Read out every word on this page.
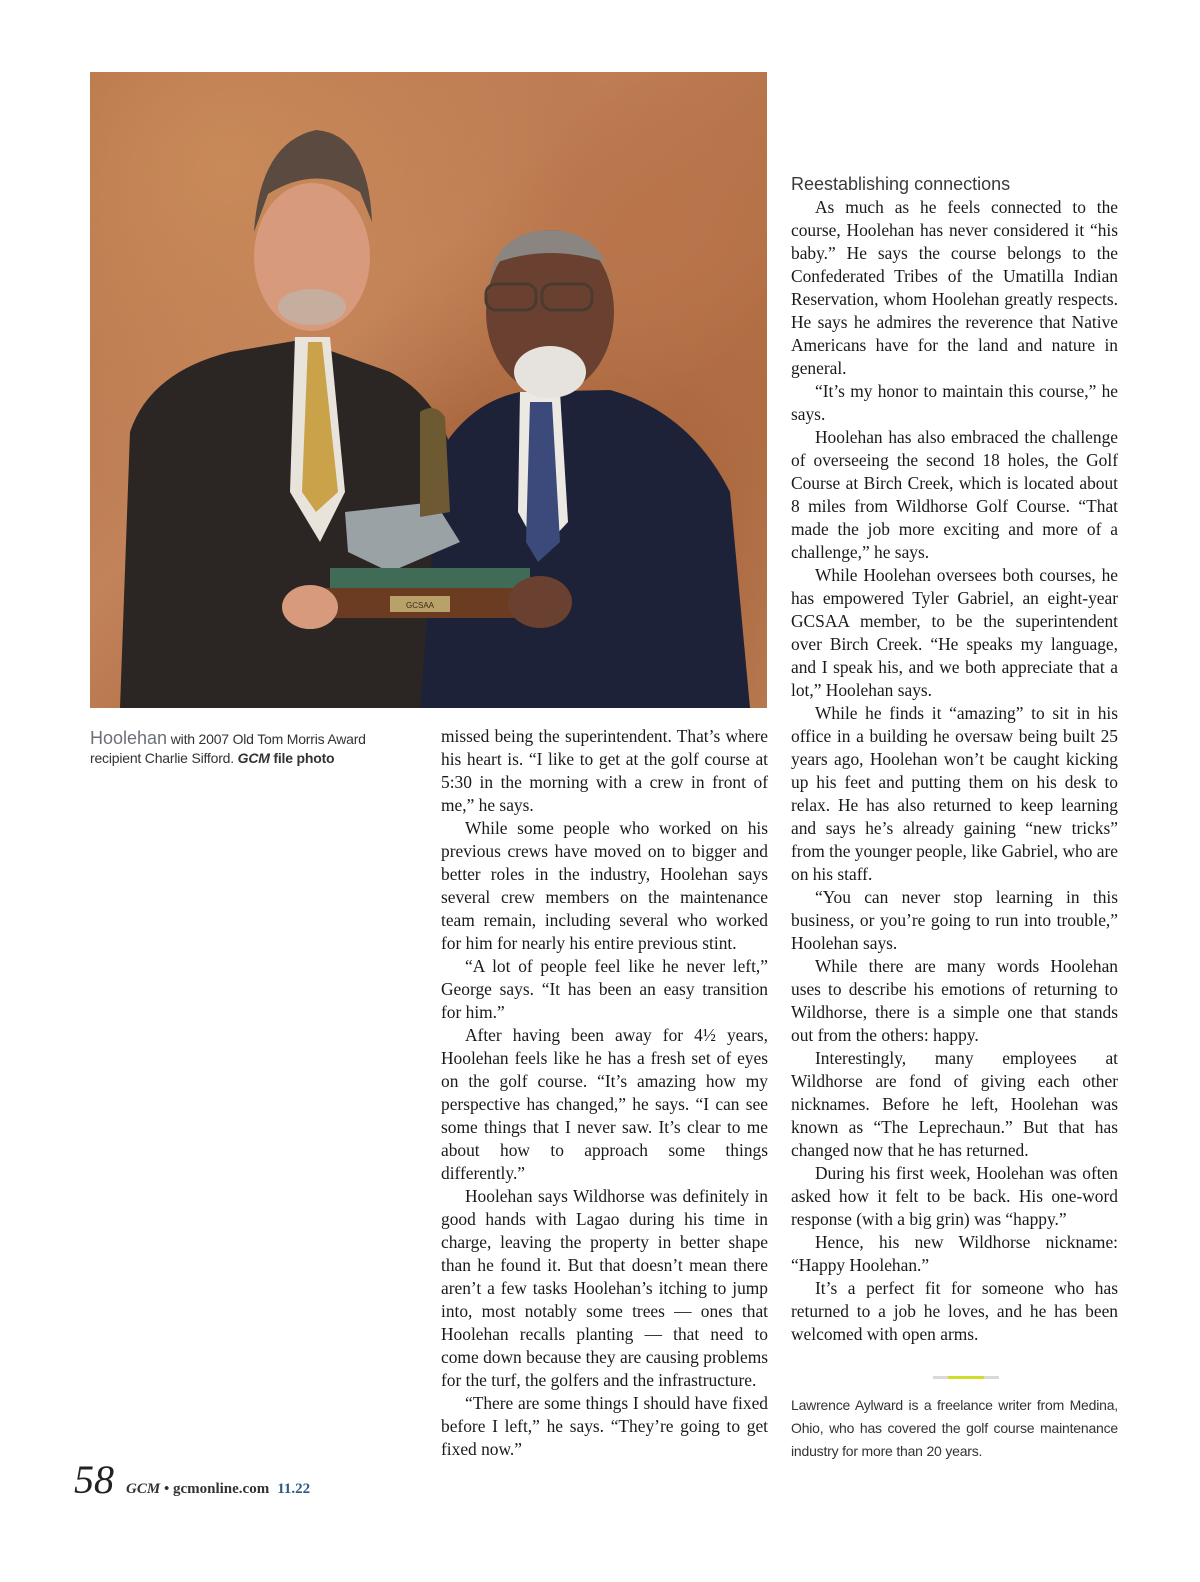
GCSAA
Hoolehan with 2007 Old Tom Morris Award recipient Charlie Sifford. GCM file photo

missed being the superintendent. That’s where his heart is. “I like to get at the golf course at 5:30 in the morning with a crew in front of me,” he says.

While some people who worked on his previous crews have moved on to bigger and better roles in the industry, Hoolehan says several crew members on the maintenance team remain, including several who worked for him for nearly his entire previous stint.

“A lot of people feel like he never left,” George says. “It has been an easy transition for him.”

After having been away for 4½ years, Hoolehan feels like he has a fresh set of eyes on the golf course. “It’s amazing how my perspective has changed,” he says. “I can see some things that I never saw. It’s clear to me about how to approach some things differently.”

Hoolehan says Wildhorse was definitely in good hands with Lagao during his time in charge, leaving the property in better shape than he found it. But that doesn’t mean there aren’t a few tasks Hoolehan’s itching to jump into, most notably some trees — ones that Hoolehan recalls planting — that need to come down because they are causing problems for the turf, the golfers and the infrastructure.

“There are some things I should have fixed before I left,” he says. “They’re going to get fixed now.”

Reestablishing connections

As much as he feels connected to the course, Hoolehan has never considered it “his baby.” He says the course belongs to the Confederated Tribes of the Umatilla Indian Reservation, whom Hoolehan greatly respects. He says he admires the reverence that Native Americans have for the land and nature in general.

“It’s my honor to maintain this course,” he says.

Hoolehan has also embraced the challenge of overseeing the second 18 holes, the Golf Course at Birch Creek, which is located about 8 miles from Wildhorse Golf Course. “That made the job more exciting and more of a challenge,” he says.

While Hoolehan oversees both courses, he has empowered Tyler Gabriel, an eight-year GCSAA member, to be the superintendent over Birch Creek. “He speaks my language, and I speak his, and we both appreciate that a lot,” Hoolehan says.

While he finds it “amazing” to sit in his office in a building he oversaw being built 25 years ago, Hoolehan won’t be caught kicking up his feet and putting them on his desk to relax. He has also returned to keep learning and says he’s already gaining “new tricks” from the younger people, like Gabriel, who are on his staff.

“You can never stop learning in this business, or you’re going to run into trouble,” Hoolehan says.

While there are many words Hoolehan uses to describe his emotions of returning to Wildhorse, there is a simple one that stands out from the others: happy.

Interestingly, many employees at Wildhorse are fond of giving each other nicknames. Before he left, Hoolehan was known as “The Leprechaun.” But that has changed now that he has returned.

During his first week, Hoolehan was often asked how it felt to be back. His one-word response (with a big grin) was “happy.”

Hence, his new Wildhorse nickname: “Happy Hoolehan.”

It’s a perfect fit for someone who has returned to a job he loves, and he has been welcomed with open arms.

Lawrence Aylward is a freelance writer from Medina, Ohio, who has covered the golf course maintenance industry for more than 20 years.
58 GCM • gcmonline.com 11.22
